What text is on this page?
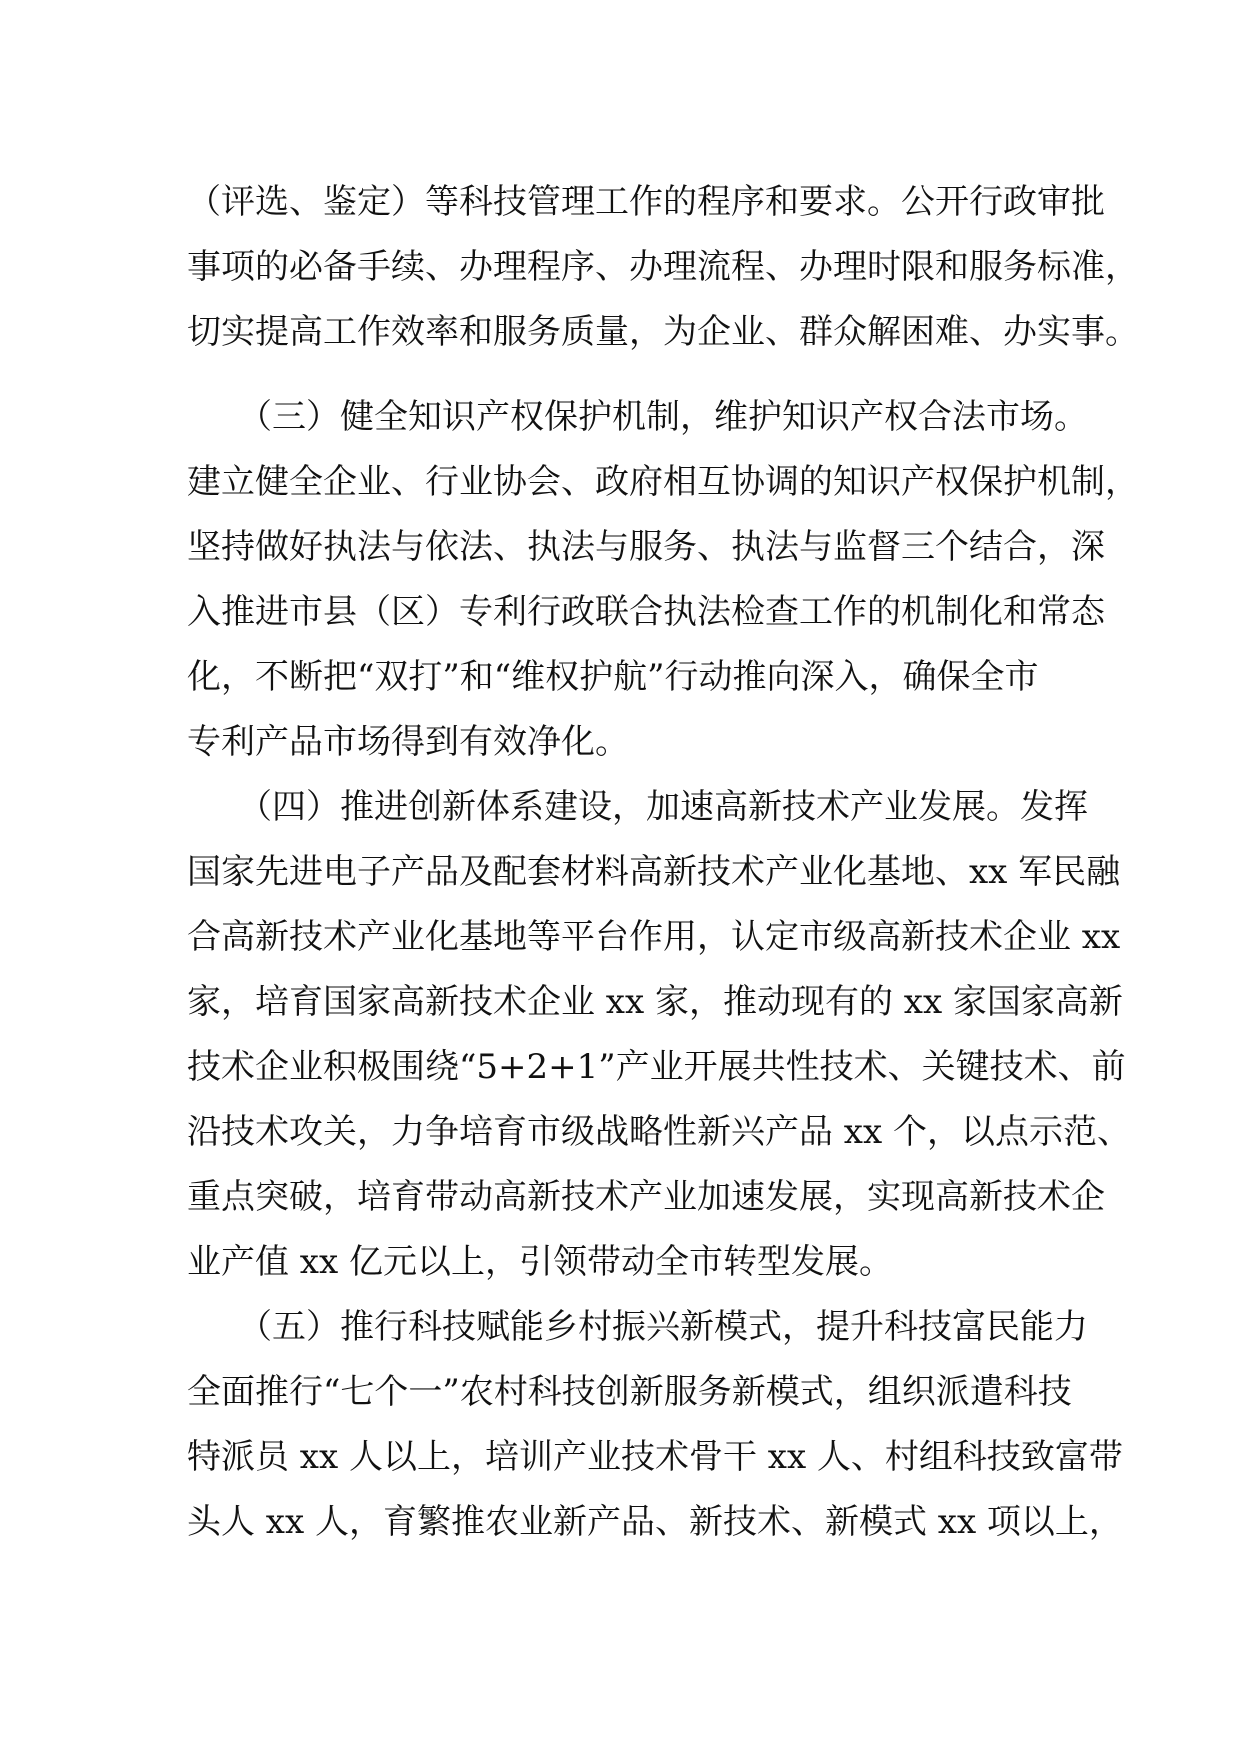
（评选、鉴定）等科技管理工作的程序和要求。公开行政审批
事项的必备手续、办理程序、办理流程、办理时限和服务标准，
切实提高工作效率和服务质量，为企业、群众解困难、办实事。
　　（三）健全知识产权保护机制，维护知识产权合法市场。
建立健全企业、行业协会、政府相互协调的知识产权保护机制，
坚持做好执法与依法、执法与服务、执法与监督三个结合，深
入推进市县（区）专利行政联合执法检查工作的机制化和常态
化，不断把“双打”和“维权护航”行动推向深入，确保全市
专利产品市场得到有效净化。
　　（四）推进创新体系建设，加速高新技术产业发展。发挥
国家先进电子产品及配套材料高新技术产业化基地、xx 军民融
合高新技术产业化基地等平台作用，认定市级高新技术企业 xx
家，培育国家高新技术企业 xx 家，推动现有的 xx 家国家高新
技术企业积极围绕“5+2+1”产业开展共性技术、关键技术、前
沿技术攻关，力争培育市级战略性新兴产品 xx 个，以点示范、
重点突破，培育带动高新技术产业加速发展，实现高新技术企
业产值 xx 亿元以上，引领带动全市转型发展。
　　（五）推行科技赋能乡村振兴新模式，提升科技富民能力
全面推行“七个一”农村科技创新服务新模式，组织派遣科技
特派员 xx 人以上，培训产业技术骨干 xx 人、村组科技致富带
头人 xx 人，育繁推农业新产品、新技术、新模式 xx 项以上，
